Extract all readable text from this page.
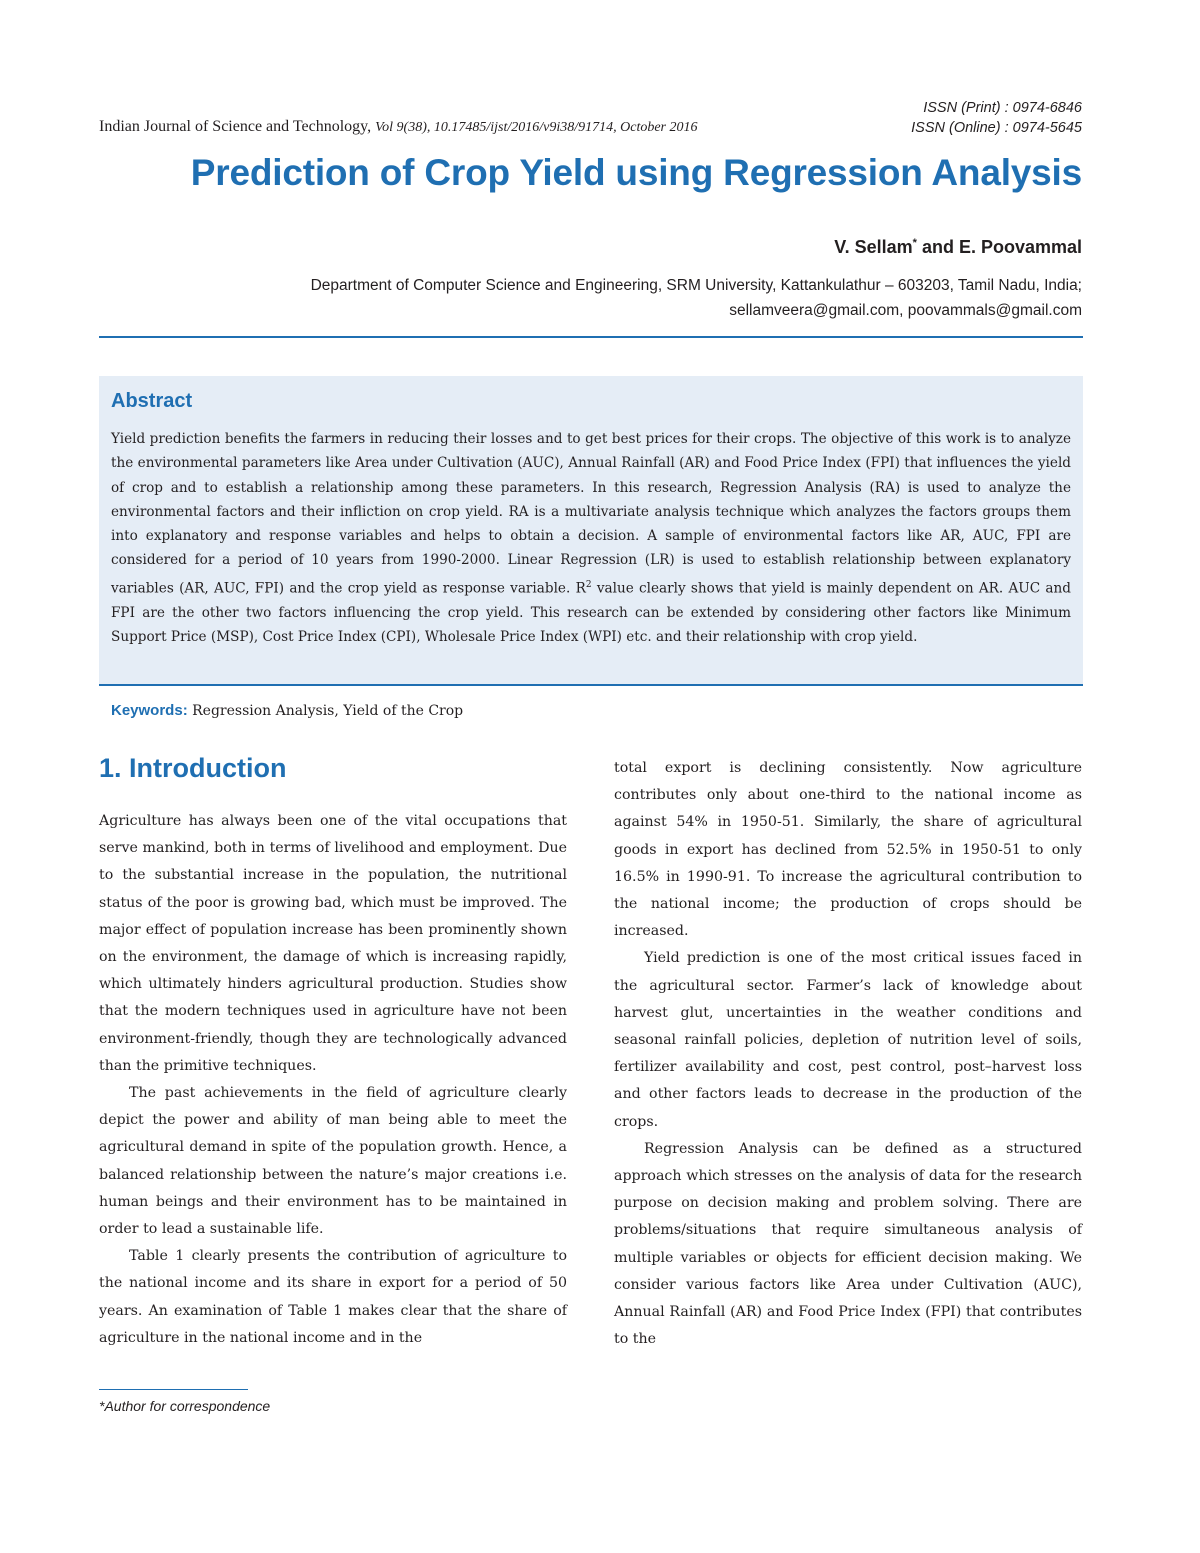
Indian Journal of Science and Technology, Vol 9(38), 10.17485/ijst/2016/v9i38/91714, October 2016
ISSN (Print) : 0974-6846
ISSN (Online) : 0974-5645
Prediction of Crop Yield using Regression Analysis
V. Sellam* and E. Poovammal
Department of Computer Science and Engineering, SRM University, Kattankulathur – 603203, Tamil Nadu, India;
sellamveera@gmail.com, poovammals@gmail.com
Abstract

Yield prediction benefits the farmers in reducing their losses and to get best prices for their crops. The objective of this work is to analyze the environmental parameters like Area under Cultivation (AUC), Annual Rainfall (AR) and Food Price Index (FPI) that influences the yield of crop and to establish a relationship among these parameters. In this research, Regression Analysis (RA) is used to analyze the environmental factors and their infliction on crop yield. RA is a multivariate analysis technique which analyzes the factors groups them into explanatory and response variables and helps to obtain a decision. A sample of environmental factors like AR, AUC, FPI are considered for a period of 10 years from 1990-2000. Linear Regression (LR) is used to establish relationship between explanatory variables (AR, AUC, FPI) and the crop yield as response variable. $R^2$ value clearly shows that yield is mainly dependent on AR. AUC and FPI are the other two factors influencing the crop yield. This research can be extended by considering other factors like Minimum Support Price (MSP), Cost Price Index (CPI), Wholesale Price Index (WPI) etc. and their relationship with crop yield.

Keywords: Regression Analysis, Yield of the Crop
1. Introduction

Agriculture has always been one of the vital occupations that serve mankind, both in terms of livelihood and employment. Due to the substantial increase in the population, the nutritional status of the poor is growing bad, which must be improved. The major effect of population increase has been prominently shown on the environment, the damage of which is increasing rapidly, which ultimately hinders agricultural production. Studies show that the modern techniques used in agriculture have not been environment-friendly, though they are technologically advanced than the primitive techniques.

The past achievements in the field of agriculture clearly depict the power and ability of man being able to meet the agricultural demand in spite of the population growth. Hence, a balanced relationship between the nature’s major creations i.e. human beings and their environment has to be maintained in order to lead a sustainable life.

Table 1 clearly presents the contribution of agriculture to the national income and its share in export for a period of 50 years. An examination of Table 1 makes clear that the share of agriculture in the national income and in the

total export is declining consistently. Now agriculture contributes only about one-third to the national income as against 54% in 1950-51. Similarly, the share of agricultural goods in export has declined from 52.5% in 1950-51 to only 16.5% in 1990-91. To increase the agricultural contribution to the national income; the production of crops should be increased.

Yield prediction is one of the most critical issues faced in the agricultural sector. Farmer’s lack of knowledge about harvest glut, uncertainties in the weather conditions and seasonal rainfall policies, depletion of nutrition level of soils, fertilizer availability and cost, pest control, post–harvest loss and other factors leads to decrease in the production of the crops.

Regression Analysis can be defined as a structured approach which stresses on the analysis of data for the research purpose on decision making and problem solving. There are problems/situations that require simultaneous analysis of multiple variables or objects for efficient decision making. We consider various factors like Area under Cultivation (AUC), Annual Rainfall (AR) and Food Price Index (FPI) that contributes to the

*Author for correspondence
